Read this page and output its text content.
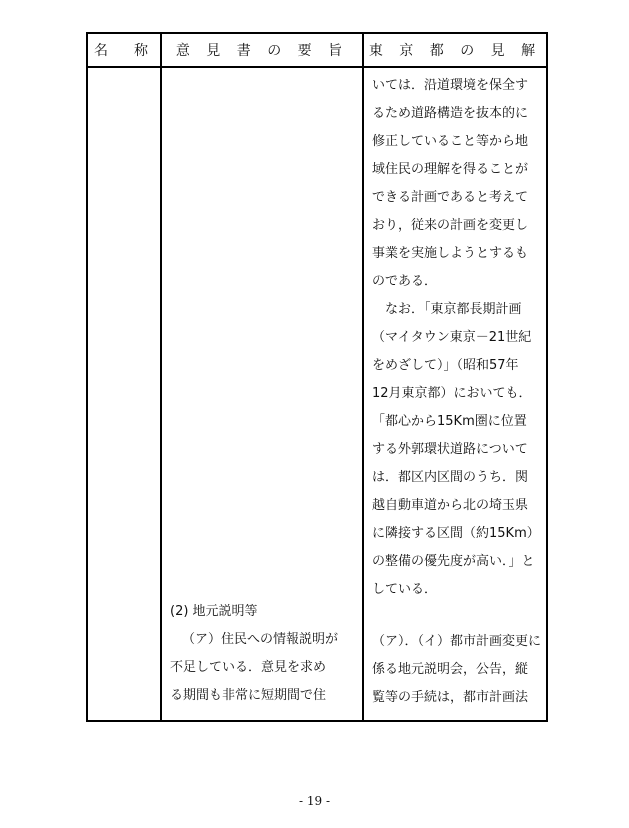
名　称	意 見 書 の 要 旨	東 京 都 の 見 解
いては．沿道環境を保全す
るため道路構造を抜本的に
修正していること等から地
域住民の理解を得ることが
できる計画であると考えて
おり，従来の計画を変更し
事業を実施しようとするも
のである．
　なお．「東京都長期計画
（マイタウン東京－21世紀
をめざして）」（昭和57年
12月東京都）においても．
「都心から15Km圏に位置
する外郭環状道路について
は．都区内区間のうち．関
越自動車道から北の埼玉県
に隣接する区間（約15Km）
の整備の優先度が高い．」と
している．
(2) 地元説明等
（ア）住民への情報説明が
不足している．意見を求め
る期間も非常に短期間で住
（ア）．（イ）都市計画変更に
係る地元説明会，公告，縦
覧等の手続は，都市計画法
- 19 -
